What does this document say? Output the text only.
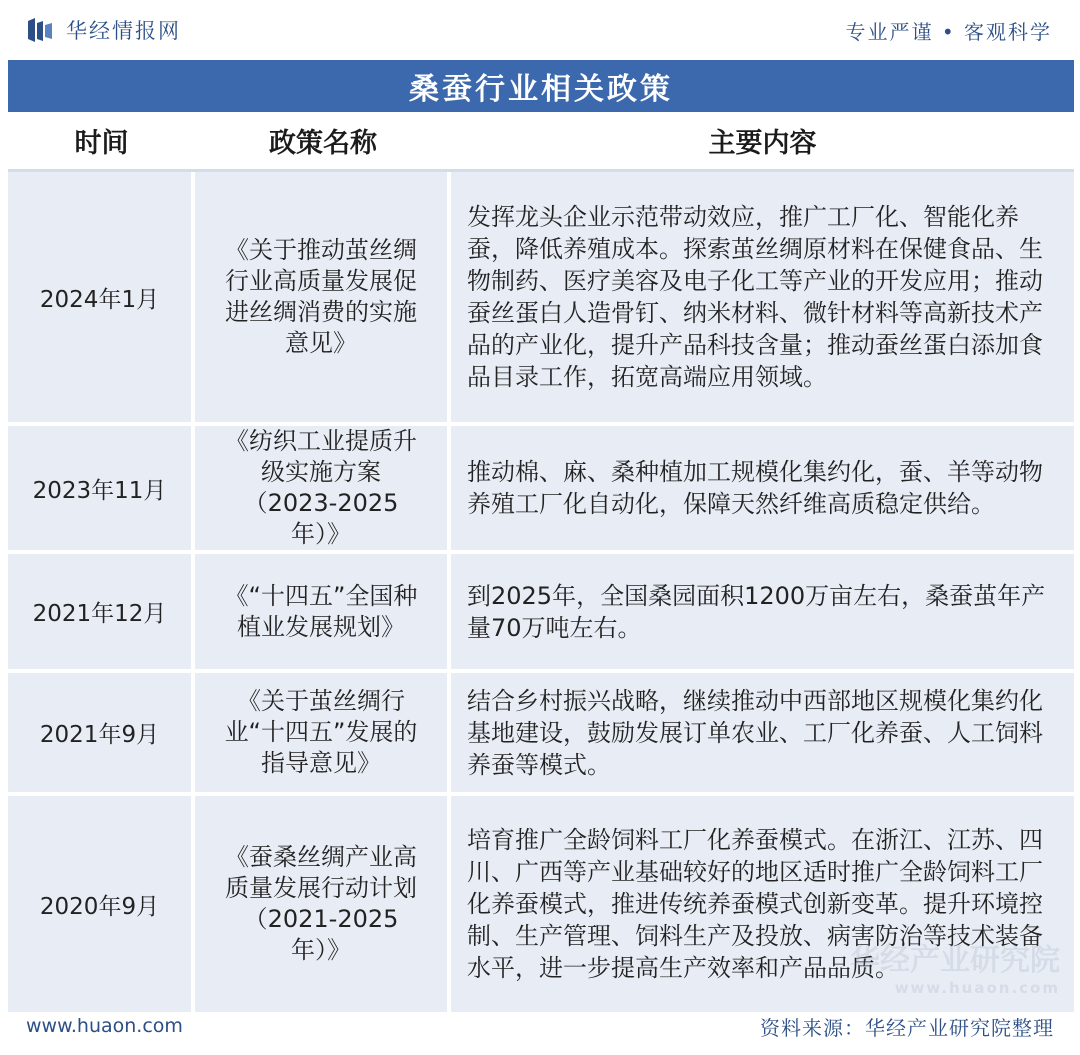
华经情报网	专业严谨 • 客观科学
桑蚕行业相关政策
时间	政策名称	主要内容
2024年1月	《关于推动茧丝绸行业高质量发展促进丝绸消费的实施意见》	发挥龙头企业示范带动效应，推广工厂化、智能化养蚕，降低养殖成本。探索茧丝绸原材料在保健食品、生物制药、医疗美容及电子化工等产业的开发应用；推动蚕丝蛋白人造骨钉、纳米材料、微针材料等高新技术产品的产业化，提升产品科技含量；推动蚕丝蛋白添加食品目录工作，拓宽高端应用领域。
2023年11月	《纺织工业提质升级实施方案（2023-2025年）》	推动棉、麻、桑种植加工规模化集约化，蚕、羊等动物养殖工厂化自动化，保障天然纤维高质稳定供给。
2021年12月	《“十四五”全国种植业发展规划》	到2025年，全国桑园面积1200万亩左右，桑蚕茧年产量70万吨左右。
2021年9月	《关于茧丝绸行业“十四五”发展的指导意见》	结合乡村振兴战略，继续推动中西部地区规模化集约化基地建设，鼓励发展订单农业、工厂化养蚕、人工饲料养蚕等模式。
2020年9月	《蚕桑丝绸产业高质量发展行动计划（2021-2025年）》	培育推广全龄饲料工厂化养蚕模式。在浙江、江苏、四川、广西等产业基础较好的地区适时推广全龄饲料工厂化养蚕模式，推进传统养蚕模式创新变革。提升环境控制、生产管理、饲料生产及投放、病害防治等技术装备水平，进一步提高生产效率和产品品质。
www.huaon.com	资料来源：华经产业研究院整理
